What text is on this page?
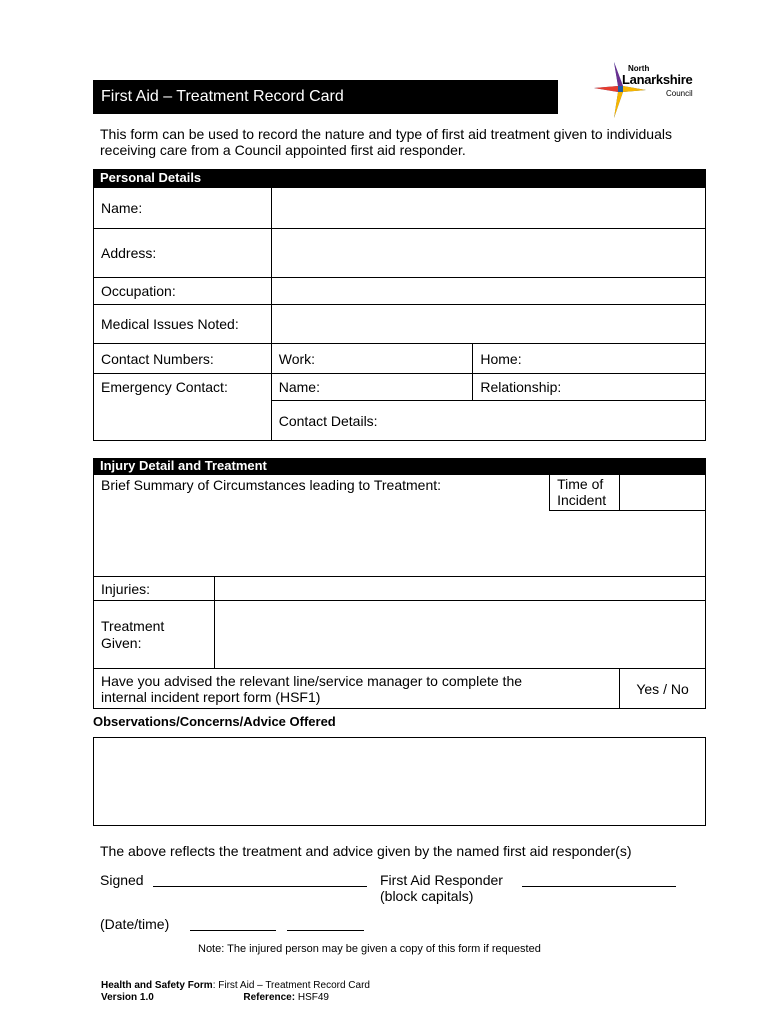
First Aid – Treatment Record Card
North
Lanarkshire
Council
This form can be used to record the nature and type of first aid treatment given to individuals receiving care from a Council appointed first aid responder.
Personal Details
Name:		
Address:		
Occupation:		
Medical Issues Noted:		
Contact Numbers:	Work:	Home:
Emergency Contact:	Name:	Relationship:
	Contact Details:	
Injury Detail and Treatment
Brief Summary of Circumstances leading to Treatment:		Time of
Incident	

Injuries:			
Treatment
Given:			
Have you advised the relevant line/service manager to complete the
internal incident report form (HSF1)			Yes / No
Observations/Concerns/Advice Offered
The above reflects the treatment and advice given by the named first aid responder(s)
Signed	First Aid Responder
(block capitals)
(Date/time)
Note: The injured person may be given a copy of this form if requested
Health and Safety Form: First Aid – Treatment Record Card
Version 1.0	Reference: HSF49
